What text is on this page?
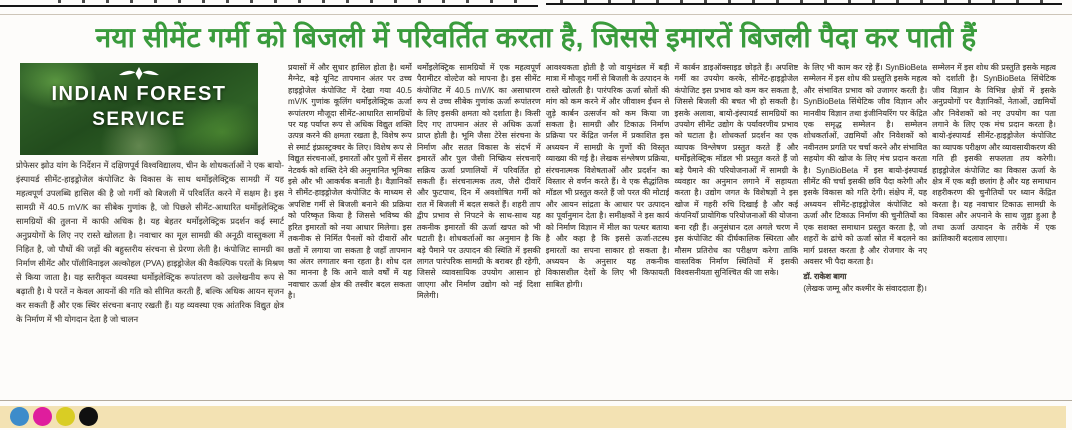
नया सीमेंट गर्मी को बिजली में परिवर्तित करता है, जिससे इमारतें बिजली पैदा कर पाती हैं
INDIAN FOREST
SERVICE
प्रोफेसर झोउ यांग के निर्देशन में दक्षिणपूर्व विश्वविद्यालय, चीन के शोधकर्ताओं ने एक बायो-इंस्पायर्ड सीमेंट-हाइड्रोजेल कंपोजिट के विकास के साथ थर्मोइलेक्ट्रिक सामग्री में यह महत्वपूर्ण उपलब्धि हासिल की है जो गर्मी को बिजली में परिवर्तित करने में सक्षम है। इस सामग्री में 40.5 mV/K का सीबेक गुणांक है, जो पिछले सीमेंट-आधारित थर्मोइलेक्ट्रिक सामग्रियों की तुलना में काफी अधिक है। यह बेहतर थर्मोइलेक्ट्रिक प्रदर्शन कई स्मार्ट अनुप्रयोगों के लिए नए रास्ते खोलता है। नवाचार का मूल सामग्री की अनूठी वास्तुकला में निहित है, जो पौधों की जड़ों की बहुस्तरीय संरचना से प्रेरणा लेती है। कंपोजिट सामग्री का निर्माण सीमेंट और पॉलीविनाइल अल्कोहल (PVA) हाइड्रोजेल की वैकल्पिक परतों के मिश्रण से किया जाता है। यह स्तरीकृत व्यवस्था थर्मोइलेक्ट्रिक रूपांतरण को उल्लेखनीय रूप से बढ़ाती है। ये परतें न केवल आयनों की गति को सीमित करती हैं, बल्कि अधिक आयन सृजन कर सकती हैं और एक स्थिर संरचना बनाए रखती हैं। यह व्यवस्था एक आंतरिक विद्युत क्षेत्र के निर्माण में भी योगदान देता है जो चालन
प्रयासों में और सुधार हासिल होता है। थर्मो मैग्नेट, बड़े यूनिट तापमान अंतर पर उच्च हाइड्रोजेल कंपोजिट में देखा गया 40.5 mV/K गुणांक कूलिंग थर्मोइलेक्ट्रिक ऊर्जा रूपांतरण मौजूदा सीमेंट-आधारित सामग्रियों पर यह पर्याप्त रूप से अधिक विद्युत शक्ति उत्पन्न करने की क्षमता रखता है, विशेष रूप से स्मार्ट इंफ्रास्ट्रक्चर के लिए। विशेष रूप से विद्युत संरचनाओं, इमारतों और पुलों में सेंसर नेटवर्क को शक्ति देने की अनुमानित भूमिका इसे और भी आकर्षक बनाती है। वैज्ञानिकों ने सीमेंट-हाइड्रोजेल कंपोजिट के माध्यम से अपशिष्ट गर्मी से बिजली बनाने की प्रक्रिया को परिष्कृत किया है जिससे भविष्य की हरित इमारतों को नया आधार मिलेगा। इस तकनीक से निर्मित पैनलों को दीवारों और छतों में लगाया जा सकता है जहाँ तापमान का अंतर लगातार बना रहता है। शोध दल का मानना है कि आने वाले वर्षों में यह नवाचार ऊर्जा क्षेत्र की तस्वीर बदल सकता है।
थर्मोइलेक्ट्रिक सामग्रियों में एक महत्वपूर्ण पैरामीटर वोल्टेज को मापना है। इस सीमेंट कंपोजिट में 40.5 mV/K का असाधारण रूप से उच्च सीबेक गुणांक ऊर्जा रूपांतरण के लिए इसकी क्षमता को दर्शाता है। किसी दिए गए तापमान अंतर से अधिक ऊर्जा प्राप्त होती है। भूमि जैसा टेरेस संरचना के निर्माण और सतत विकास के संदर्भ में इमारतें और पुल जैसी निष्क्रिय संरचनाएँ सक्रिय ऊर्जा प्रणालियों में परिवर्तित हो सकती हैं। संरचनात्मक तत्व, जैसे दीवारें और फुटपाथ, दिन में अवशोषित गर्मी को रात में बिजली में बदल सकते हैं। शहरी ताप द्वीप प्रभाव से निपटने के साथ-साथ यह तकनीक इमारतों की ऊर्जा खपत को भी घटाती है। शोधकर्ताओं का अनुमान है कि बड़े पैमाने पर उत्पादन की स्थिति में इसकी लागत पारंपरिक सामग्री के बराबर ही रहेगी, जिससे व्यावसायिक उपयोग आसान हो जाएगा और निर्माण उद्योग को नई दिशा मिलेगी।
आवश्यकता होती है जो वायुमंडल में बड़ी मात्रा में मौजूद गर्मी से बिजली के उत्पादन के रास्ते खोलती है। पारंपरिक ऊर्जा स्रोतों की मांग को कम करने में और जीवाश्म ईंधन से जुड़े कार्बन उत्सर्जन को कम किया जा सकता है। सामग्री और टिकाऊ निर्माण प्रक्रिया पर केंद्रित जर्नल में प्रकाशित इस अध्ययन में सामग्री के गुणों की विस्तृत व्याख्या की गई है। लेखक संश्लेषण प्रक्रिया, संरचनात्मक विशेषताओं और प्रदर्शन का विस्तार से वर्णन करते हैं। वे एक सैद्धांतिक मॉडल भी प्रस्तुत करते हैं जो परत की मोटाई और आयन सांद्रता के आधार पर उत्पादन का पूर्वानुमान देता है। समीक्षकों ने इस कार्य को निर्माण विज्ञान में मील का पत्थर बताया है और कहा है कि इससे ऊर्जा-तटस्थ इमारतों का सपना साकार हो सकता है। अध्ययन के अनुसार यह तकनीक विकासशील देशों के लिए भी किफायती साबित होगी।
में कार्बन डाइऑक्साइड छोड़ते हैं। अपशिष्ट गर्मी का उपयोग करके, सीमेंट-हाइड्रोजेल कंपोजिट इस प्रभाव को कम कर सकता है, जिससे बिजली की बचत भी हो सकती है। इसके अलावा, बायो-इंस्पायर्ड सामग्रियों का उपयोग सीमेंट उद्योग के पर्यावरणीय प्रभाव को घटाता है। शोधकर्ता प्रदर्शन का एक व्यापक विश्लेषण प्रस्तुत करते हैं और थर्मोइलेक्ट्रिक मॉडल भी प्रस्तुत करते हैं जो बड़े पैमाने की परियोजनाओं में सामग्री के व्यवहार का अनुमान लगाने में सहायता करता है। उद्योग जगत के विशेषज्ञों ने इस खोज में गहरी रुचि दिखाई है और कई कंपनियाँ प्रायोगिक परियोजनाओं की योजना बना रही हैं। अनुसंधान दल अगले चरण में इस कंपोजिट की दीर्घकालिक स्थिरता और मौसम प्रतिरोध का परीक्षण करेगा ताकि वास्तविक निर्माण स्थितियों में इसकी विश्वसनीयता सुनिश्चित की जा सके।
के लिए भी काम कर रहे हैं। SynBioBeta सम्मेलन में इस शोध की प्रस्तुति इसके महत्व और संभावित प्रभाव को उजागर करती है। SynBioBeta सिंथेटिक जीव विज्ञान और मानवीय विज्ञान तथा इंजीनियरिंग पर केंद्रित एक समृद्ध सम्मेलन है। सम्मेलन शोधकर्ताओं, उद्यमियों और निवेशकों को नवीनतम प्रगति पर चर्चा करने और संभावित सहयोग की खोज के लिए मंच प्रदान करता है। SynBioBeta में इस बायो-इंस्पायर्ड सीमेंट की चर्चा इसकी छवि पैदा करेगी और इसके विकास को गति देगी। संक्षेप में, यह अध्ययन सीमेंट-हाइड्रोजेल कंपोजिट को ऊर्जा और टिकाऊ निर्माण की चुनौतियों का एक सशक्त समाधान प्रस्तुत करता है, जो शहरों के ढांचे को ऊर्जा स्रोत में बदलने का मार्ग प्रशस्त करता है और रोजगार के नए अवसर भी पैदा करता है।
डॉ. राकेश बागा
(लेखक जम्मू और कश्मीर के संवाददाता हैं)।
सम्मेलन में इस शोध की प्रस्तुति इसके महत्व को दर्शाती है। SynBioBeta सिंथेटिक जीव विज्ञान के विभिन्न क्षेत्रों में इसके अनुप्रयोगों पर वैज्ञानिकों, नेताओं, उद्यमियों और निवेशकों को नए उपयोग का पता लगाने के लिए एक मंच प्रदान करता है। बायो-इंस्पायर्ड सीमेंट-हाइड्रोजेल कंपोजिट का व्यापक परीक्षण और व्यावसायीकरण की गति ही इसकी सफलता तय करेगी। हाइड्रोजेल कंपोजिट का विकास ऊर्जा के क्षेत्र में एक बड़ी छलांग है और यह समाधान शहरीकरण की चुनौतियों पर ध्यान केंद्रित करता है। यह नवाचार टिकाऊ सामग्री के विकास और अपनाने के साथ जुड़ा हुआ है तथा ऊर्जा उत्पादन के तरीके में एक क्रांतिकारी बदलाव लाएगा।
